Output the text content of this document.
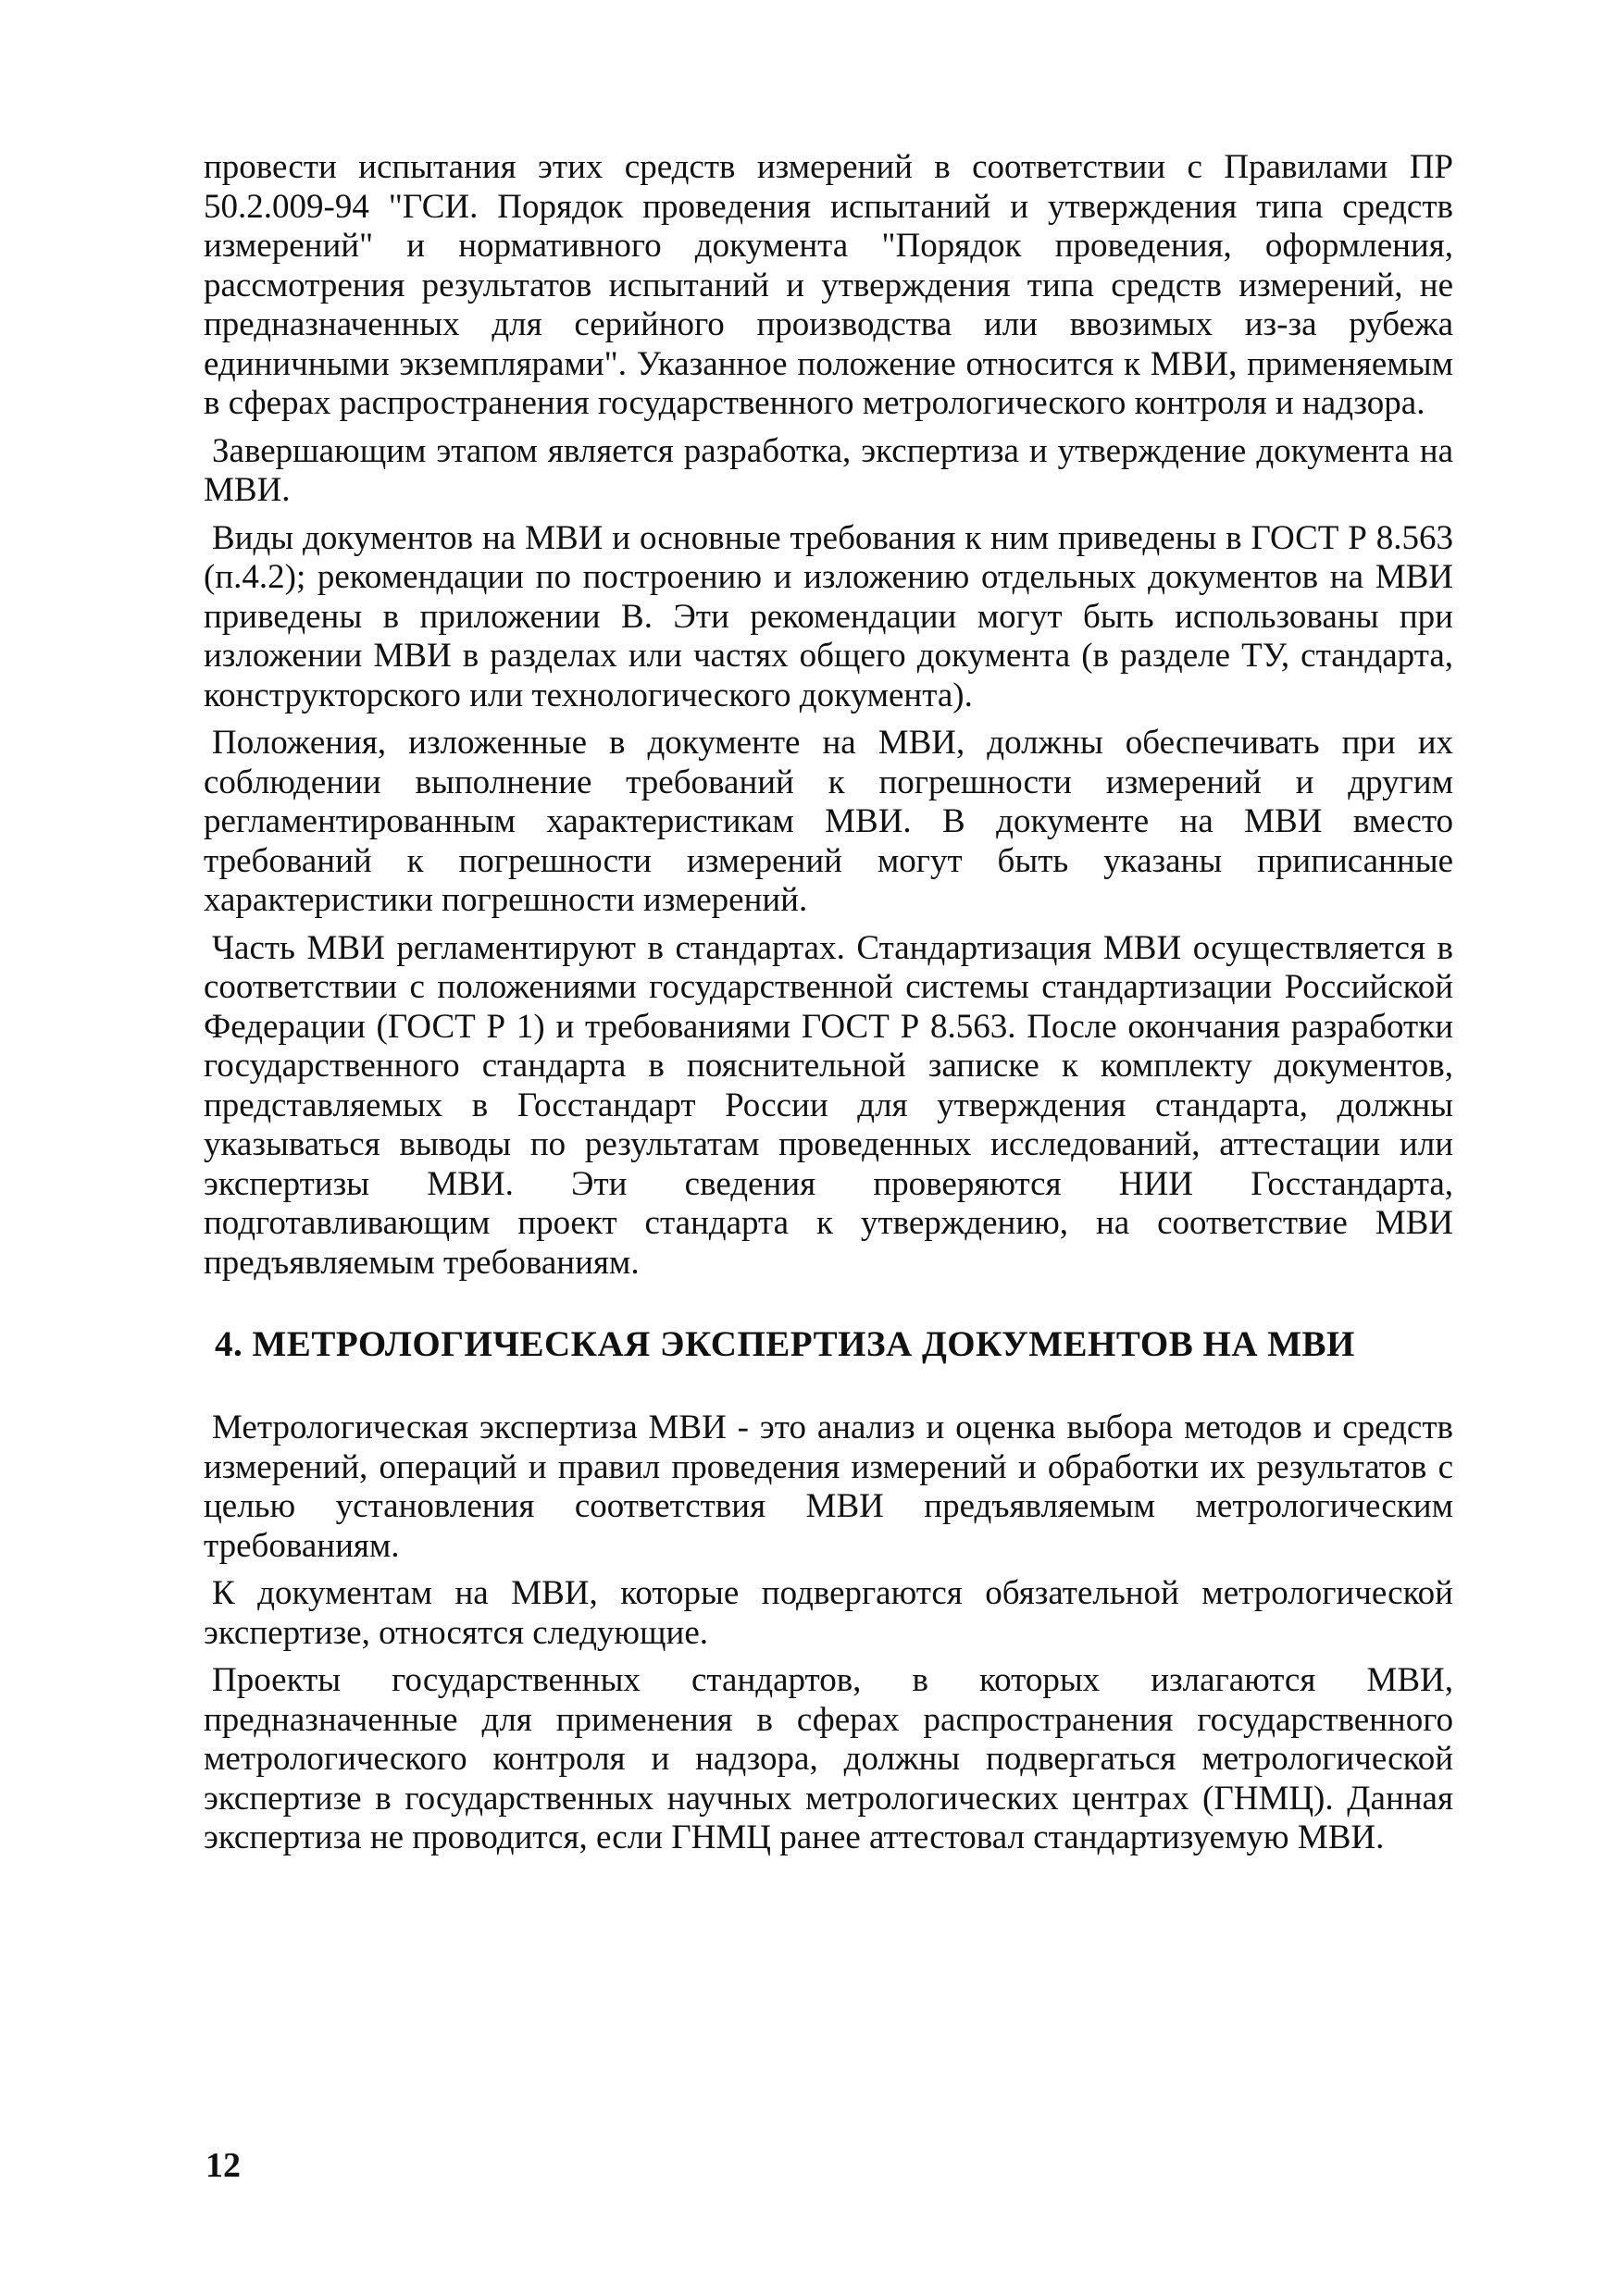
провести испытания этих средств измерений в соответствии с Правилами ПР 50.2.009-94 "ГСИ. Порядок проведения испытаний и утверждения типа средств измерений" и нормативного документа "Порядок проведения, оформления, рассмотрения результатов испытаний и утверждения типа средств измерений, не предназначенных для серийного производства или ввозимых из-за рубежа единичными экземплярами". Указанное положение относится к МВИ, применяемым в сферах распространения государственного метрологического контроля и надзора.

Завершающим этапом является разработка, экспертиза и утверждение документа на МВИ.

Виды документов на МВИ и основные требования к ним приведены в ГОСТ Р 8.563 (п.4.2); рекомендации по построению и изложению отдельных документов на МВИ приведены в приложении В. Эти рекомендации могут быть использованы при изложении МВИ в разделах или частях общего документа (в разделе ТУ, стандарта, конструкторского или технологического документа).

Положения, изложенные в документе на МВИ, должны обеспечивать при их соблюдении выполнение требований к погрешности измерений и другим регламентированным характеристикам МВИ. В документе на МВИ вместо требований к погрешности измерений могут быть указаны приписанные характеристики погрешности измерений.

Часть МВИ регламентируют в стандартах. Стандартизация МВИ осуществляется в соответствии с положениями государственной системы стандартизации Российской Федерации (ГОСТ Р 1) и требованиями ГОСТ Р 8.563. После окончания разработки государственного стандарта в пояснительной записке к комплекту документов, представляемых в Госстандарт России для утверждения стандарта, должны указываться выводы по результатам проведенных исследований, аттестации или экспертизы МВИ. Эти сведения проверяются НИИ Госстандарта, подготавливающим проект стандарта к утверждению, на соответствие МВИ предъявляемым требованиям.

4. МЕТРОЛОГИЧЕСКАЯ ЭКСПЕРТИЗА ДОКУМЕНТОВ НА МВИ

Метрологическая экспертиза МВИ - это анализ и оценка выбора методов и средств измерений, операций и правил проведения измерений и обработки их результатов с целью установления соответствия МВИ предъявляемым метрологическим требованиям.

К документам на МВИ, которые подвергаются обязательной метрологической экспертизе, относятся следующие.

Проекты государственных стандартов, в которых излагаются МВИ, предназначенные для применения в сферах распространения государственного метрологического контроля и надзора, должны подвергаться метрологической экспертизе в государственных научных метрологических центрах (ГНМЦ). Данная экспертиза не проводится, если ГНМЦ ранее аттестовал стандартизуемую МВИ.

12
